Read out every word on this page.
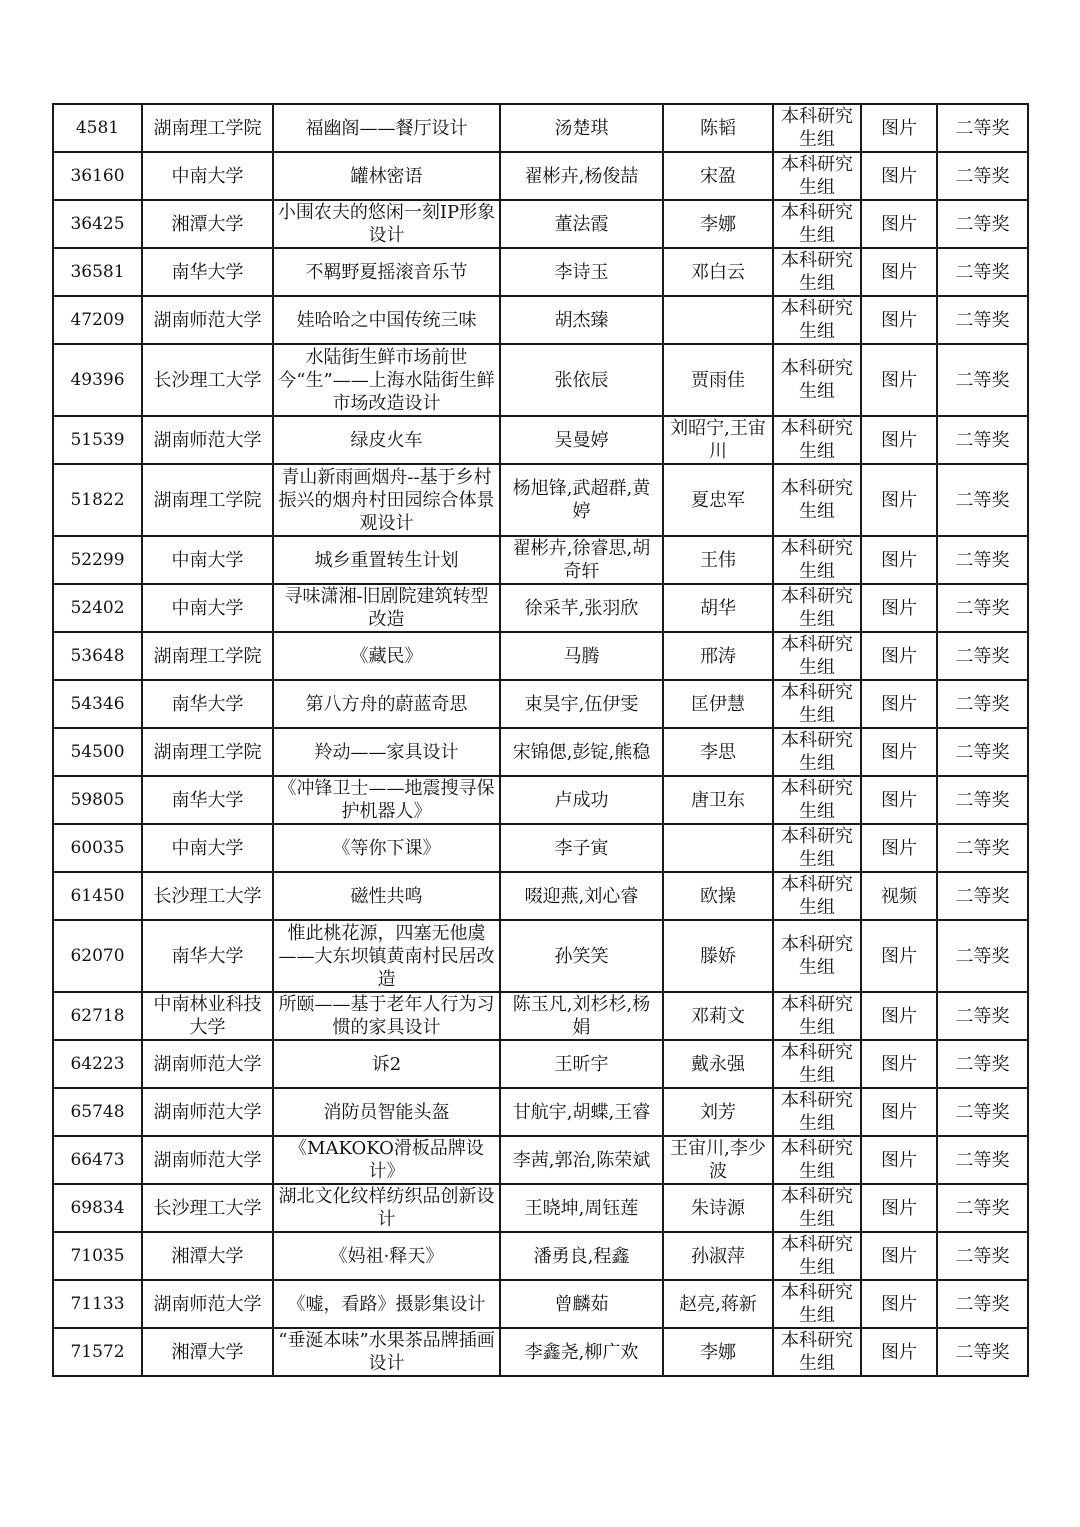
4581	湖南理工学院	福幽阁——餐厅设计	汤楚琪	陈韬	本科研究生组	图片	二等奖
36160	中南大学	罐林密语	翟彬卉,杨俊喆	宋盈	本科研究生组	图片	二等奖
36425	湘潭大学	小围农夫的悠闲一刻IP形象设计	董法霞	李娜	本科研究生组	图片	二等奖
36581	南华大学	不羁野夏摇滚音乐节	李诗玉	邓白云	本科研究生组	图片	二等奖
47209	湖南师范大学	娃哈哈之中国传统三味	胡杰臻		本科研究生组	图片	二等奖
49396	长沙理工大学	水陆街生鲜市场前世今“生”——上海水陆街生鲜市场改造设计	张依辰	贾雨佳	本科研究生组	图片	二等奖
51539	湖南师范大学	绿皮火车	吴曼婷	刘昭宁,王宙川	本科研究生组	图片	二等奖
51822	湖南理工学院	青山新雨画烟舟--基于乡村振兴的烟舟村田园综合体景观设计	杨旭锋,武超群,黄婷	夏忠军	本科研究生组	图片	二等奖
52299	中南大学	城乡重置转生计划	翟彬卉,徐睿思,胡奇轩	王伟	本科研究生组	图片	二等奖
52402	中南大学	寻味潇湘-旧剧院建筑转型改造	徐采芊,张羽欣	胡华	本科研究生组	图片	二等奖
53648	湖南理工学院	《藏民》	马腾	邢涛	本科研究生组	图片	二等奖
54346	南华大学	第八方舟的蔚蓝奇思	束昊宇,伍伊雯	匡伊慧	本科研究生组	图片	二等奖
54500	湖南理工学院	羚动——家具设计	宋锦偲,彭锭,熊稳	李思	本科研究生组	图片	二等奖
59805	南华大学	《冲锋卫士——地震搜寻保护机器人》	卢成功	唐卫东	本科研究生组	图片	二等奖
60035	中南大学	《等你下课》	李子寅		本科研究生组	图片	二等奖
61450	长沙理工大学	磁性共鸣	啜迎燕,刘心睿	欧操	本科研究生组	视频	二等奖
62070	南华大学	惟此桃花源，四塞无他虞——大东坝镇黄南村民居改造	孙笑笑	滕娇	本科研究生组	图片	二等奖
62718	中南林业科技大学	所颐——基于老年人行为习惯的家具设计	陈玉凡,刘杉杉,杨娟	邓莉文	本科研究生组	图片	二等奖
64223	湖南师范大学	诉2	王昕宇	戴永强	本科研究生组	图片	二等奖
65748	湖南师范大学	消防员智能头盔	甘航宇,胡蝶,王睿	刘芳	本科研究生组	图片	二等奖
66473	湖南师范大学	《MAKOKO滑板品牌设计》	李茜,郭治,陈荣斌	王宙川,李少波	本科研究生组	图片	二等奖
69834	长沙理工大学	湖北文化纹样纺织品创新设计	王晓坤,周钰莲	朱诗源	本科研究生组	图片	二等奖
71035	湘潭大学	《妈祖·释天》	潘勇良,程鑫	孙淑萍	本科研究生组	图片	二等奖
71133	湖南师范大学	《嘘，看路》摄影集设计	曾麟茹	赵亮,蒋新	本科研究生组	图片	二等奖
71572	湘潭大学	“垂涎本味”水果茶品牌插画设计	李鑫尧,柳广欢	李娜	本科研究生组	图片	二等奖
